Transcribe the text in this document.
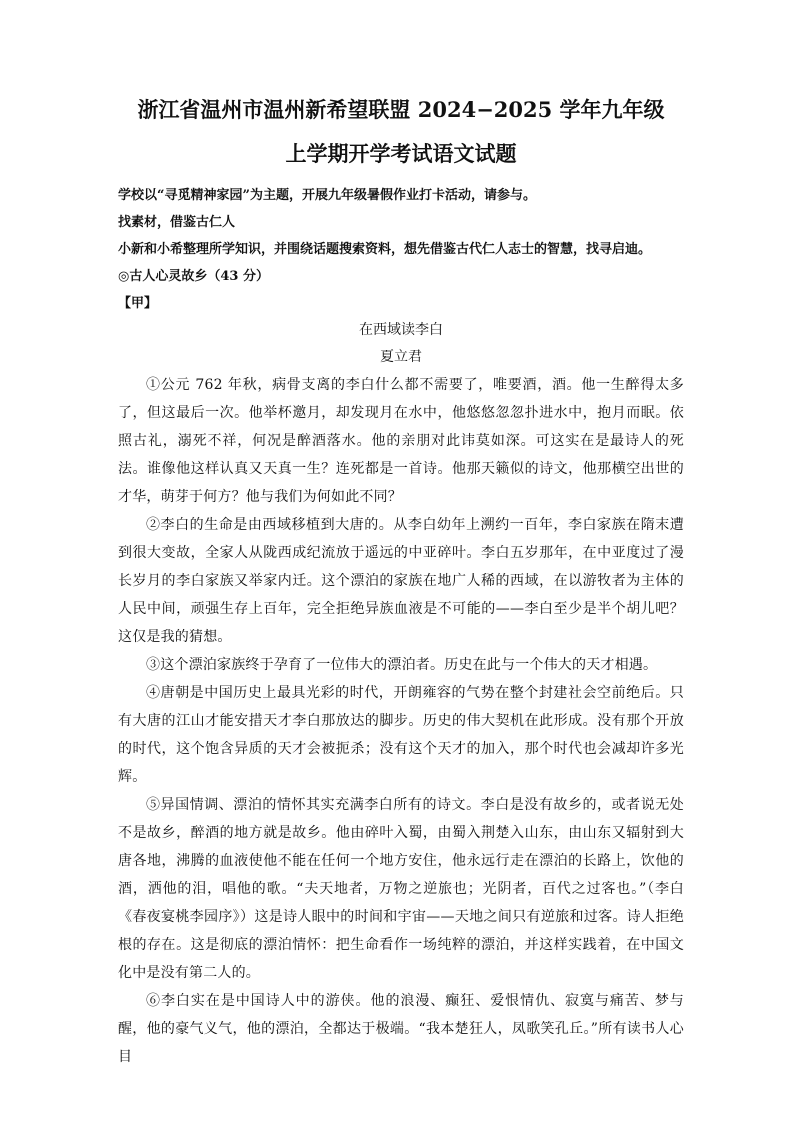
浙江省温州市温州新希望联盟 2024−2025 学年九年级

上学期开学考试语文试题

学校以“寻觅精神家园”为主题，开展九年级暑假作业打卡活动，请参与。

找素材，借鉴古仁人

小新和小希整理所学知识，并围绕话题搜索资料，想先借鉴古代仁人志士的智慧，找寻启迪。

◎古人心灵故乡（43 分）

【甲】

在西域读李白

夏立君

①公元 762 年秋，病骨支离的李白什么都不需要了，唯要酒，酒。他一生醉得太多了，但这最后一次。他举杯邀月，却发现月在水中，他悠悠忽忽扑进水中，抱月而眠。依照古礼，溺死不祥，何况是醉酒落水。他的亲朋对此讳莫如深。可这实在是最诗人的死法。谁像他这样认真又天真一生？连死都是一首诗。他那天籁似的诗文，他那横空出世的才华，萌芽于何方？他与我们为何如此不同？

②李白的生命是由西域移植到大唐的。从李白幼年上溯约一百年，李白家族在隋末遭到很大变故，全家人从陇西成纪流放于遥远的中亚碎叶。李白五岁那年，在中亚度过了漫长岁月的李白家族又举家内迁。这个漂泊的家族在地广人稀的西域，在以游牧者为主体的人民中间，顽强生存上百年，完全拒绝异族血液是不可能的——李白至少是半个胡儿吧？这仅是我的猜想。

③这个漂泊家族终于孕育了一位伟大的漂泊者。历史在此与一个伟大的天才相遇。

④唐朝是中国历史上最具光彩的时代，开朗雍容的气势在整个封建社会空前绝后。只有大唐的江山才能安措天才李白那放达的脚步。历史的伟大契机在此形成。没有那个开放的时代，这个饱含异质的天才会被扼杀；没有这个天才的加入，那个时代也会减却许多光辉。

⑤异国情调、漂泊的情怀其实充满李白所有的诗文。李白是没有故乡的，或者说无处不是故乡，醉酒的地方就是故乡。他由碎叶入蜀，由蜀入荆楚入山东，由山东又辐射到大唐各地，沸腾的血液使他不能在任何一个地方安住，他永远行走在漂泊的长路上，饮他的酒，洒他的泪，唱他的歌。“夫天地者，万物之逆旅也；光阴者，百代之过客也。”（李白《春夜宴桃李园序》）这是诗人眼中的时间和宇宙——天地之间只有逆旅和过客。诗人拒绝根的存在。这是彻底的漂泊情怀：把生命看作一场纯粹的漂泊，并这样实践着，在中国文化中是没有第二人的。

⑥李白实在是中国诗人中的游侠。他的浪漫、癫狂、爱恨情仇、寂寞与痛苦、梦与醒，他的豪气义气，他的漂泊，全都达于极端。“我本楚狂人，凤歌笑孔丘。”所有读书人心目
